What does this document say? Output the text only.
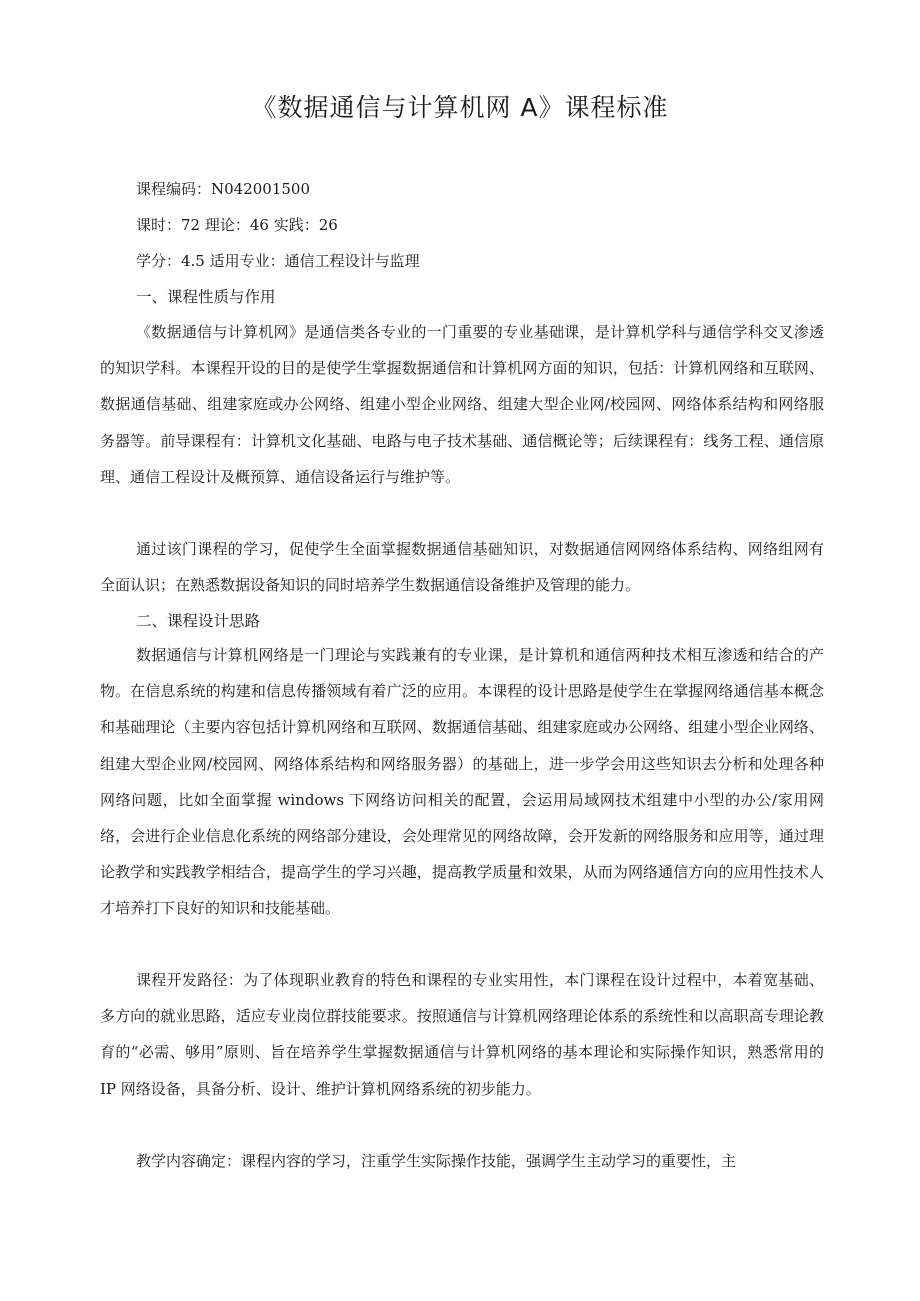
《数据通信与计算机网 A》课程标准
课程编码：N042001500
课时：72 理论：46 实践：26
学分：4.5 适用专业：通信工程设计与监理
一、课程性质与作用

《数据通信与计算机网》是通信类各专业的一门重要的专业基础课，是计算机学科与通信学科交叉渗透的知识学科。本课程开设的目的是使学生掌握数据通信和计算机网方面的知识，包括：计算机网络和互联网、数据通信基础、组建家庭或办公网络、组建小型企业网络、组建大型企业网/校园网、网络体系结构和网络服务器等。前导课程有：计算机文化基础、电路与电子技术基础、通信概论等；后续课程有：线务工程、通信原理、通信工程设计及概预算、通信设备运行与维护等。

通过该门课程的学习，促使学生全面掌握数据通信基础知识，对数据通信网网络体系结构、网络组网有全面认识；在熟悉数据设备知识的同时培养学生数据通信设备维护及管理的能力。

二、课程设计思路

数据通信与计算机网络是一门理论与实践兼有的专业课，是计算机和通信两种技术相互渗透和结合的产物。在信息系统的构建和信息传播领域有着广泛的应用。本课程的设计思路是使学生在掌握网络通信基本概念和基础理论（主要内容包括计算机网络和互联网、数据通信基础、组建家庭或办公网络、组建小型企业网络、组建大型企业网/校园网、网络体系结构和网络服务器）的基础上，进一步学会用这些知识去分析和处理各种网络问题，比如全面掌握 windows 下网络访问相关的配置，会运用局域网技术组建中小型的办公/家用网络，会进行企业信息化系统的网络部分建设，会处理常见的网络故障，会开发新的网络服务和应用等，通过理论教学和实践教学相结合，提高学生的学习兴趣，提高教学质量和效果，从而为网络通信方向的应用性技术人才培养打下良好的知识和技能基础。

课程开发路径：为了体现职业教育的特色和课程的专业实用性，本门课程在设计过程中，本着宽基础、多方向的就业思路，适应专业岗位群技能要求。按照通信与计算机网络理论体系的系统性和以高职高专理论教育的“必需、够用”原则、旨在培养学生掌握数据通信与计算机网络的基本理论和实际操作知识，熟悉常用的 IP 网络设备，具备分析、设计、维护计算机网络系统的初步能力。

教学内容确定：课程内容的学习，注重学生实际操作技能，强调学生主动学习的重要性，主
